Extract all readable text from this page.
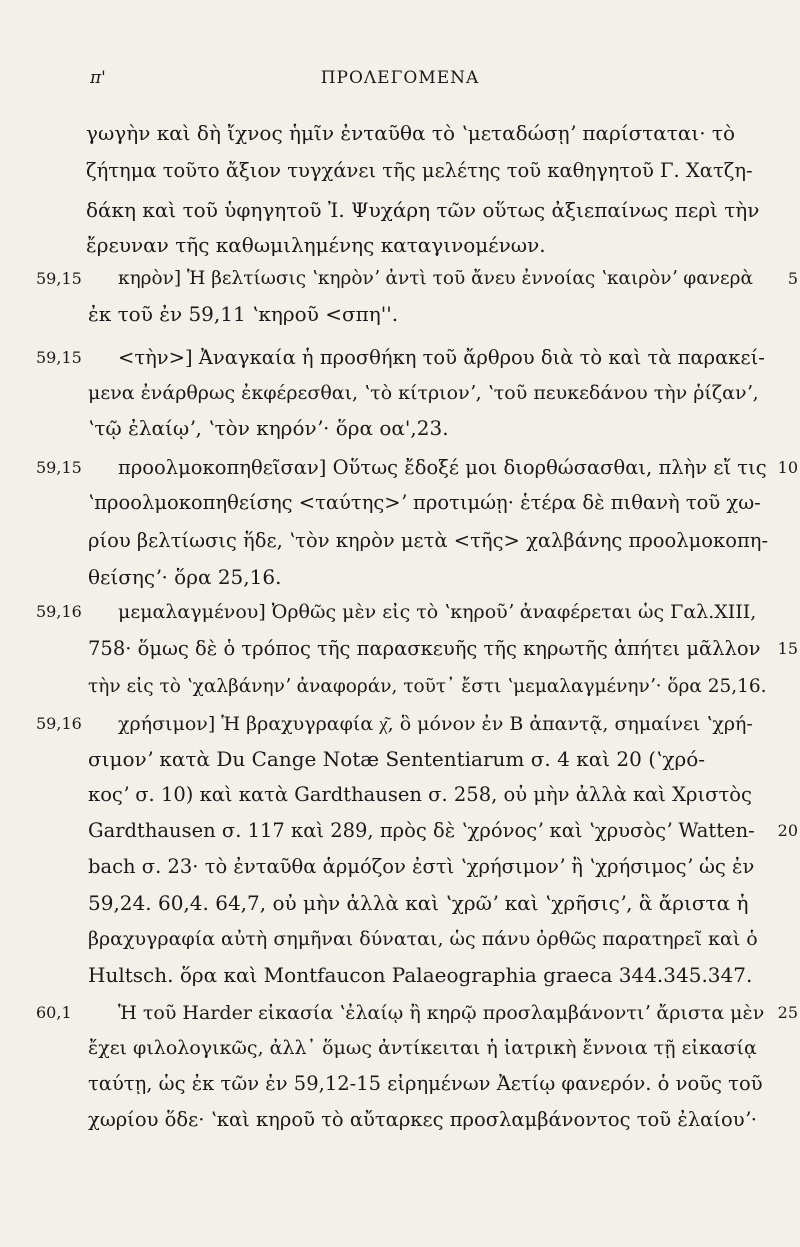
π'	ΠΡΟΛΕΓΟΜΕΝΑ
γωγὴν καὶ δὴ ἴχνος ἡμῖν ἐνταῦθα τὸ ʽμεταδώσῃʼ παρίσταται· τὸ
ζήτημα τοῦτο ἄξιον τυγχάνει τῆς μελέτης τοῦ καθηγητοῦ Γ. Χατζη-
δάκη καὶ τοῦ ὑφηγητοῦ Ἰ. Ψυχάρη τῶν οὕτως ἀξιεπαίνως περὶ τὴν
ἔρευναν τῆς καθωμιλημένης καταγινομένων.
59,15 κηρὸν] Ἡ βελτίωσις ʽκηρὸνʼ ἀντὶ τοῦ ἄνευ ἐννοίας ʽκαιρὸνʼ φανερὰ 5
ἐκ τοῦ ἐν 59,11 ʽκηροῦ <σπη''.
59,15 <τὴν>] Ἀναγκαία ἡ προσθήκη τοῦ ἄρθρου διὰ τὸ καὶ τὰ παρακεί-
μενα ἐνάρθρως ἐκφέρεσθαι, ʽτὸ κίτριονʼ, ʽτοῦ πευκεδάνου τὴν ῥίζανʼ,
ʽτῷ ἐλαίῳʼ, ʽτὸν κηρόνʼ· ὅρα οα',23.
59,15 προολμοκοπηθεῖσαν] Οὕτως ἔδοξέ μοι διορθώσασθαι, πλὴν εἴ τις 10
ʽπροολμοκοπηθείσης <ταύτης>ʼ προτιμώῃ· ἑτέρα δὲ πιθανὴ τοῦ χω-
ρίου βελτίωσις ἥδε, ʽτὸν κηρὸν μετὰ <τῆς> χαλβάνης προολμοκοπη-
θείσηςʼ· ὅρα 25,16.
59,16 μεμαλαγμένου] Ὀρθῶς μὲν εἰς τὸ ʽκηροῦʼ ἀναφέρεται ὡς Γαλ.XIII,
758· ὅμως δὲ ὁ τρόπος τῆς παρασκευῆς τῆς κηρωτῆς ἀπήτει μᾶλλον 15
τὴν εἰς τὸ ʽχαλβάνηνʼ ἀναφοράν, τοῦτ᾽ ἔστι ʽμεμαλαγμένηνʼ· ὅρα 25,16.
59,16 χρήσιμον] Ἡ βραχυγραφία χ͂, ὃ μόνον ἐν B ἀπαντᾷ, σημαίνει ʽχρή-
σιμονʼ κατὰ Du Cange Notæ Sententiarum σ. 4 καὶ 20 (ʽχρό-
κοςʼ σ. 10) καὶ κατὰ Gardthausen σ. 258, οὐ μὴν ἀλλὰ καὶ Χριστὸς
Gardthausen σ. 117 καὶ 289, πρὸς δὲ ʽχρόνοςʼ καὶ ʽχρυσὸςʼ Watten- 20
bach σ. 23· τὸ ἐνταῦθα ἁρμόζον ἐστὶ ʽχρήσιμονʼ ἢ ʽχρήσιμοςʼ ὡς ἐν
59,24. 60,4. 64,7, οὐ μὴν ἀλλὰ καὶ ʽχρῶʼ καὶ ʽχρῆσιςʼ, ἃ ἄριστα ἡ
βραχυγραφία αὐτὴ σημῆναι δύναται, ὡς πάνυ ὀρθῶς παρατηρεῖ καὶ ὁ
Hultsch. ὅρα καὶ Montfaucon Palaeographia graeca 344.345.347.
60,1 Ἡ τοῦ Harder εἰκασία ʽἐλαίῳ ἢ κηρῷ προσλαμβάνοντιʼ ἄριστα μὲν 25
ἔχει φιλολογικῶς, ἀλλ᾽ ὅμως ἀντίκειται ἡ ἰατρικὴ ἔννοια τῇ εἰκασίᾳ
ταύτῃ, ὡς ἐκ τῶν ἐν 59,12-15 εἰρημένων Ἀετίῳ φανερόν. ὁ νοῦς τοῦ
χωρίου ὅδε· ʽκαὶ κηροῦ τὸ αὔταρκες προσλαμβάνοντος τοῦ ἐλαίουʼ·
